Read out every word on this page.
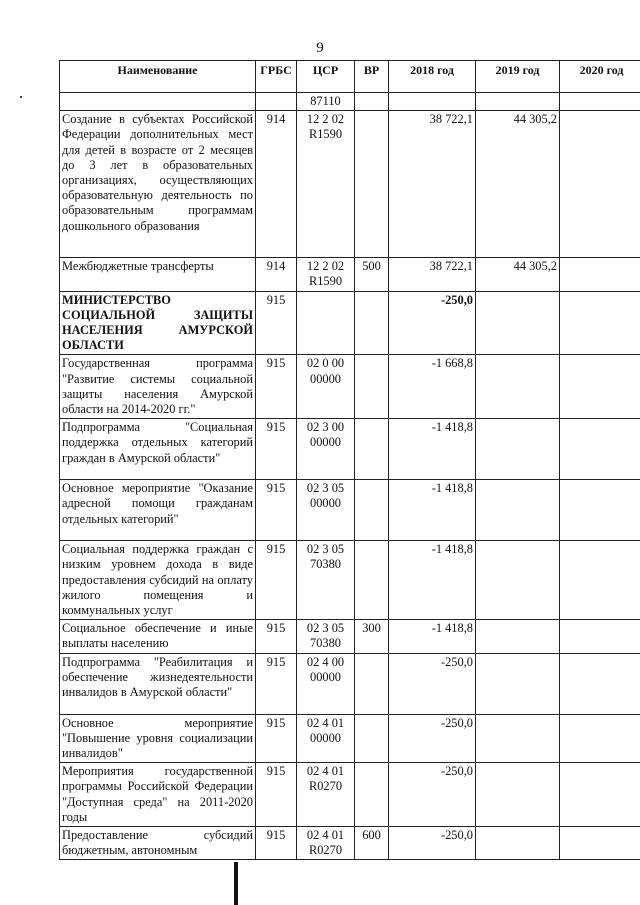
9
Наименование	ГРБС	ЦСР	ВР	2018 год	2019 год	2020 год
		87110				
Создание в субъектах Российской Федерации дополнительных мест для детей в возрасте от 2 месяцев до 3 лет в образовательных организациях, осуществляющих образовательную деятельность по образовательным программам дошкольного образования	914	12 2 02 R1590		38 722,1	44 305,2	
Межбюджетные трансферты	914	12 2 02 R1590	500	38 722,1	44 305,2	
МИНИСТЕРСТВО СОЦИАЛЬНОЙ ЗАЩИТЫ НАСЕЛЕНИЯ АМУРСКОЙ ОБЛАСТИ	915			-250,0		
Государственная программа "Развитие системы социальной защиты населения Амурской области на 2014-2020 гг."	915	02 0 00 00000		-1 668,8		
Подпрограмма "Социальная поддержка отдельных категорий граждан в Амурской области"	915	02 3 00 00000		-1 418,8		
Основное мероприятие "Оказание адресной помощи гражданам отдельных категорий"	915	02 3 05 00000		-1 418,8		
Социальная поддержка граждан с низким уровнем дохода в виде предоставления субсидий на оплату жилого помещения и коммунальных услуг	915	02 3 05 70380		-1 418,8		
Социальное обеспечение и иные выплаты населению	915	02 3 05 70380	300	-1 418,8		
Подпрограмма "Реабилитация и обеспечение жизнедеятельности инвалидов в Амурской области"	915	02 4 00 00000		-250,0		
Основное мероприятие "Повышение уровня социализации инвалидов"	915	02 4 01 00000		-250,0		
Мероприятия государственной программы Российской Федерации "Доступная среда" на 2011-2020 годы	915	02 4 01 R0270		-250,0		
Предоставление субсидий бюджетным, автономным	915	02 4 01 R0270	600	-250,0		
